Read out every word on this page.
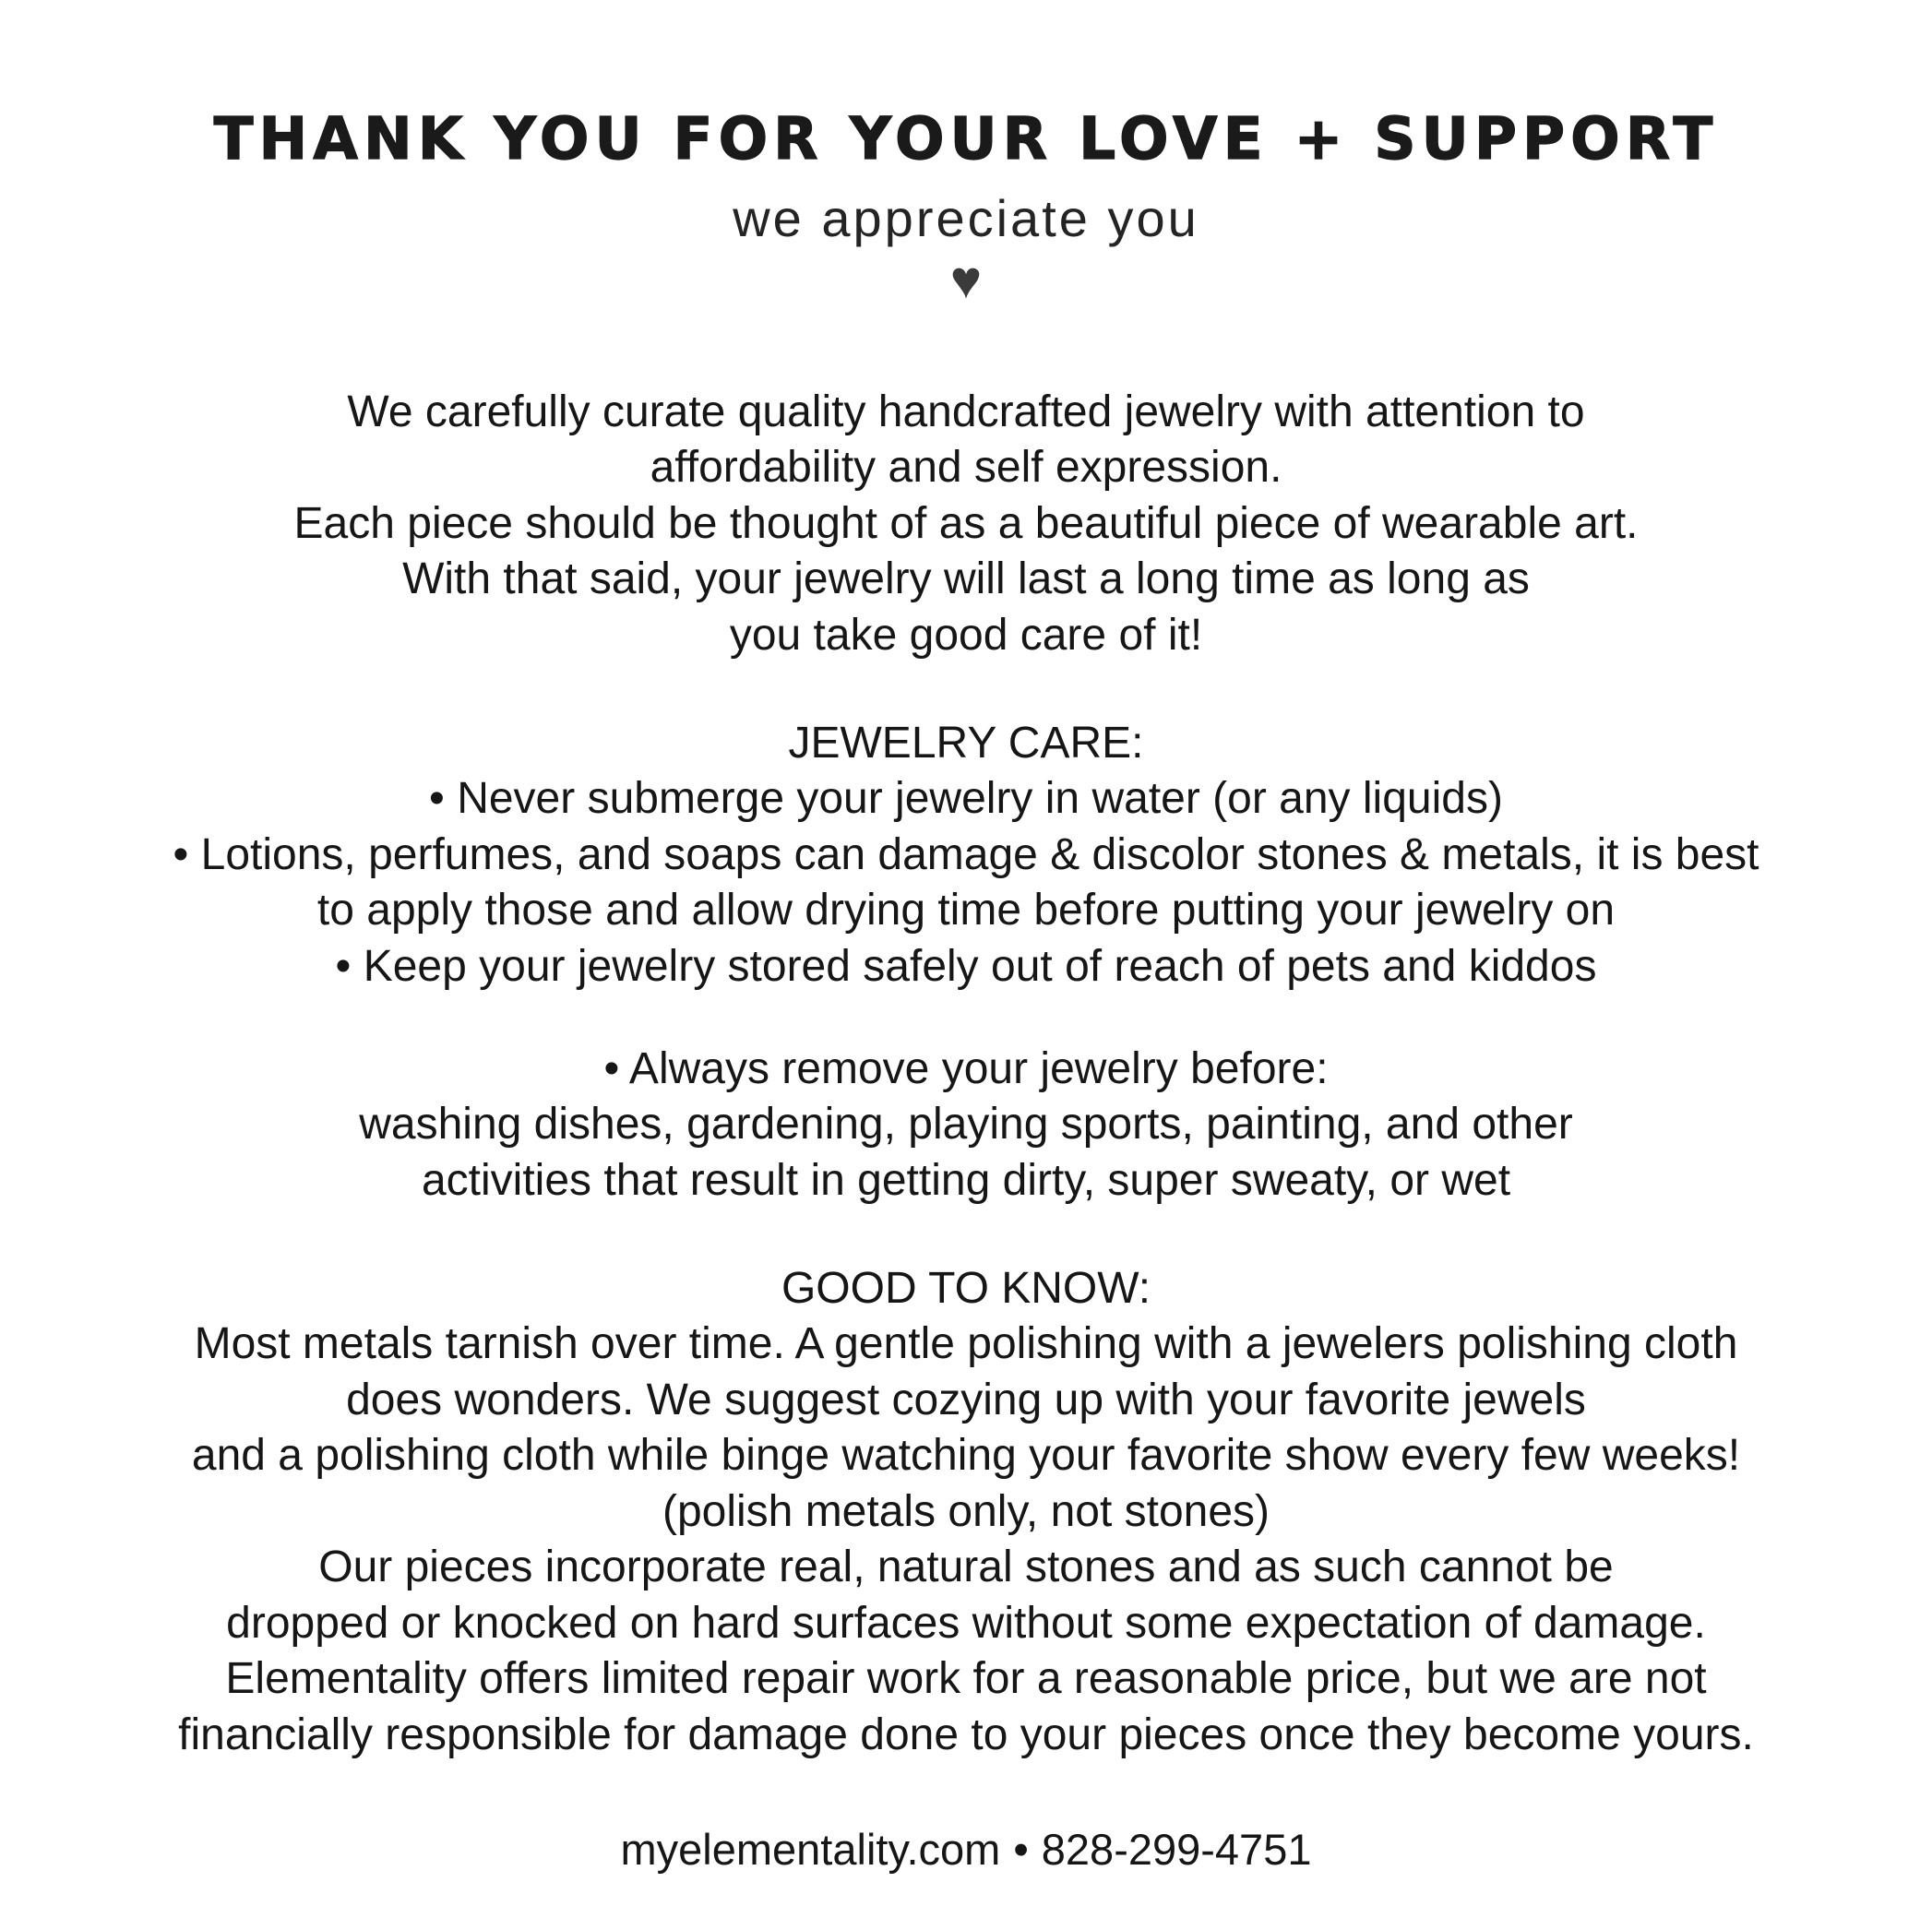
THANK YOU FOR YOUR LOVE + SUPPORT
we appreciate you
♥
We carefully curate quality handcrafted jewelry with attention to
affordability and self expression.
Each piece should be thought of as a beautiful piece of wearable art.
With that said, your jewelry will last a long time as long as
you take good care of it!
JEWELRY CARE:
• Never submerge your jewelry in water (or any liquids)
• Lotions, perfumes, and soaps can damage & discolor stones & metals, it is best
to apply those and allow drying time before putting your jewelry on
• Keep your jewelry stored safely out of reach of pets and kiddos
• Always remove your jewelry before:
washing dishes, gardening, playing sports, painting, and other
activities that result in getting dirty, super sweaty, or wet
GOOD TO KNOW:
Most metals tarnish over time. A gentle polishing with a jewelers polishing cloth
does wonders. We suggest cozying up with your favorite jewels
and a polishing cloth while binge watching your favorite show every few weeks!
(polish metals only, not stones)
Our pieces incorporate real, natural stones and as such cannot be
dropped or knocked on hard surfaces without some expectation of damage.
Elementality offers limited repair work for a reasonable price, but we are not
financially responsible for damage done to your pieces once they become yours.
myelementality.com • 828-299-4751
